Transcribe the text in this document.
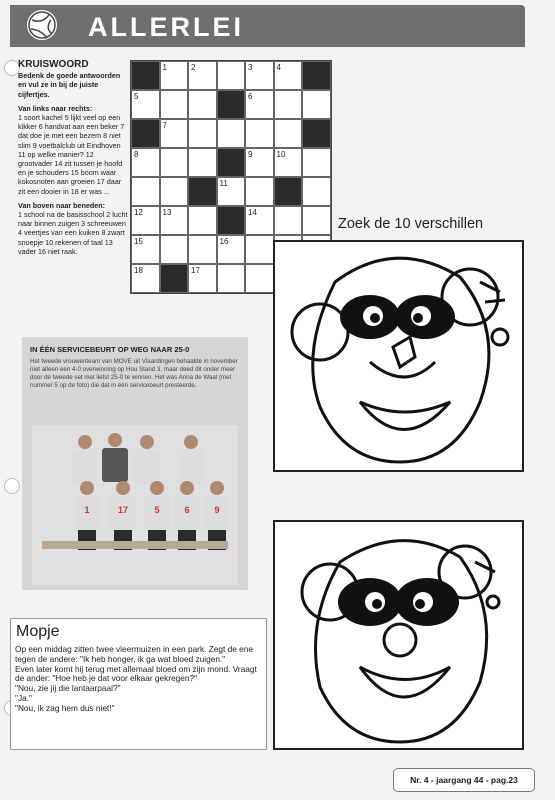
ALLERLEI
KRUISWOORD
Bedenk de goede antwoorden en vul ze in bij de juiste cijfertjes.
Van links naar rechts:
1 soort kachel 5 lijkt veel op een kikker 6 handvat aan een beker 7 dat doe je met een bezem 8 niet slim 9 voetbalclub uit Eindhoven 11 op welke manier? 12 grootvader 14 zit tussen je hoofd en je schouders 15 boom waar kokosnoten aan groeien 17 daar zit een dooier in 18 er was ...
Van boven naar beneden:
1 school na de basisschool 2 lucht naar binnen zuigen 3 schreeuwen 4 veertjes van een kuiken 8 zwart snoepje 10 rekenen of taal 13 vader 16 niet raak.
1	2	3	4
5	6
7
8	9	10
11
12 13	14
15	16
18	17
IN ÉÉN SERVICEBEURT OP WEG NAAR 25-0

Het tweede vrouwenteam van MOVE uit Vlaardingen behaalde in november niet alleen een 4-0 overwinning op Hou Stand 3, maar deed dit onder meer door de tweede set met liefst 25-0 te winnen. Het was Anna de Waal (met nummer 5 op de foto) die dat in één servicebeurt presteerde.

1	17	5	6	9
Mopje

Op een middag zitten twee vleermuizen in een park. Zegt de ene tegen de andere: "Ik heb honger, ik ga wat bloed zuigen."

Even later komt hij terug met allemaal bloed om zijn mond. Vraagt de ander: "Hoe heb je dat voor elkaar gekregen?"

"Nou, zie jij die lantaarpaal?"

"Ja."

"Nou, ik zag hem dus niet!"

Zoek de 10 verschillen
Nr. 4 - jaargang 44 - pag.23
